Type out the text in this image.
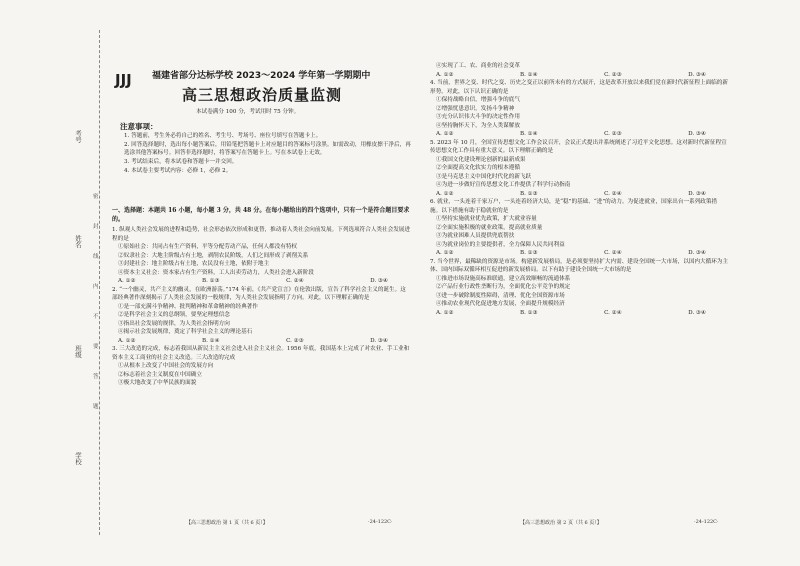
考号
姓名
班级
学校
密
封
线
内
不
要
答
题
JJJ 福建省部分达标学校 2023～2024 学年第一学期期中
高三思想政治质量监测
本试卷满分 100 分，考试用时 75 分钟。
注意事项：

1. 答题前，考生务必将自己的姓名、考生号、考场号、座位号填写在答题卡上。

2. 回答选择题时，选出每小题答案后，用铅笔把答题卡上对应题目的答案标号涂黑。如需改动，用橡皮擦干净后，再选涂其他答案标号。回答非选择题时，将答案写在答题卡上。写在本试卷上无效。

3. 考试结束后，将本试卷和答题卡一并交回。

4. 本试卷主要考试内容：必修 1，必修 2。

一、选择题：本题共 16 小题，每小题 3 分，共 48 分。在每小题给出的四个选项中，只有一个是符合题目要求的。

1. 纵观人类社会发展的进程和趋势，社会形态依次形成和更替，推动着人类社会向前发展。下列选项符合人类社会发展进程的是

①原始社会：共同占有生产资料，平等分配劳动产品，任何人都没有特权

②奴隶社会：大地主阶级占有土地，剥削农民阶级，人们之间形成了剥削关系

③封建社会：地主阶级占有土地，农民没有土地，依附于地主

④资本主义社会：资本家占有生产资料，工人出卖劳动力，人类社会进入新阶段

A. ①②	B. ①③	C. ②④	D. ③④

2. “一个幽灵，共产主义的幽灵，在欧洲游荡。”174 年前，《共产党宣言》在伦敦出版，宣告了科学社会主义的诞生。这部经典著作深刻揭示了人类社会发展的一般规律，为人类社会发展指明了方向。对此，以下理解正确的是

①是一部充满斗争精神、批判精神和革命精神的经典著作

②是科学社会主义的总纲领，要坚定理想信念

③指出社会发展的规律，为人类社会指明方向

④揭示社会发展规律，奠定了科学社会主义的理论基石

A. ①②	B. ①④	C. ②③	D. ③④

3. 三大改造的完成，标志着我国从新民主主义社会进入社会主义社会。1956 年底，我国基本上完成了对农业、手工业和资本主义工商业的社会主义改造。三大改造的完成

①从根本上改变了中国社会的发展方向

②标志着社会主义制度在中国确立

③极大地改变了中华民族的面貌

④实现了工、农、商业的社会变革

A. ①②	B. ①④	C. ②③	D. ③④

4. 当前，世界之变、时代之变、历史之变正以前所未有的方式展开，这是改革开放以来我们党在新时代新征程上面临的新形势。对此，以下认识正确的是

①保持战略自信，增强斗争的底气

②增强忧患意识，发扬斗争精神

③充分认识伟大斗争的决定性作用

④坚持胸怀天下，为全人类谋解放

A. ①②	B. ①④	C. ②③	D. ③④

5. 2023 年 10 月，全国宣传思想文化工作会议召开，会议正式提出并系统阐述了习近平文化思想。这对新时代新征程宣传思想文化工作具有重大意义。以下理解正确的是

①我国文化建设理论创新的最新成果

②全面提高文化软实力的根本遵循

③是马克思主义中国化时代化的新飞跃

④为进一步做好宣传思想文化工作提供了科学行动指南

A. ①②	B. ①③	C. ②④	D. ③④

6. 就业，一头连着千家万户，一头连着经济大局，是“稳”的基础、“进”的动力。为促进就业，国家出台一系列政策措施。以下措施有助于稳就业的是

①坚持实施就业优先政策，扩大就业容量

②全面实施积极的就业政策，提高就业质量

③为就业困难人员提供兜底帮扶

④为就业岗位的主要提供者，全力保障人民共同利益

A. ①②	B. ①③	C. ②④	D. ③④

7. 当今世界，最稀缺的资源是市场。构建新发展格局，是必须要坚持扩大内需、建设全国统一大市场，以国内大循环为主体、国内国际双循环相互促进的新发展格局。以下有助于建设全国统一大市场的是

①推进市场设施高标准联通，建立高效顺畅的流通体系

②产品行业行政性垄断行为，全面优化公平竞争的规定

③进一步破除制度性障碍，清理、优化全国资源市场

④推动农业现代化促进地方发展，全面提升规模经济

A. ①②	B. ①③	C. ②④	D. ③④
【高三思想政治 第 1 页（共 6 页）】	·24-122C·	【高三思想政治 第 2 页（共 6 页）】	·24-122C·
